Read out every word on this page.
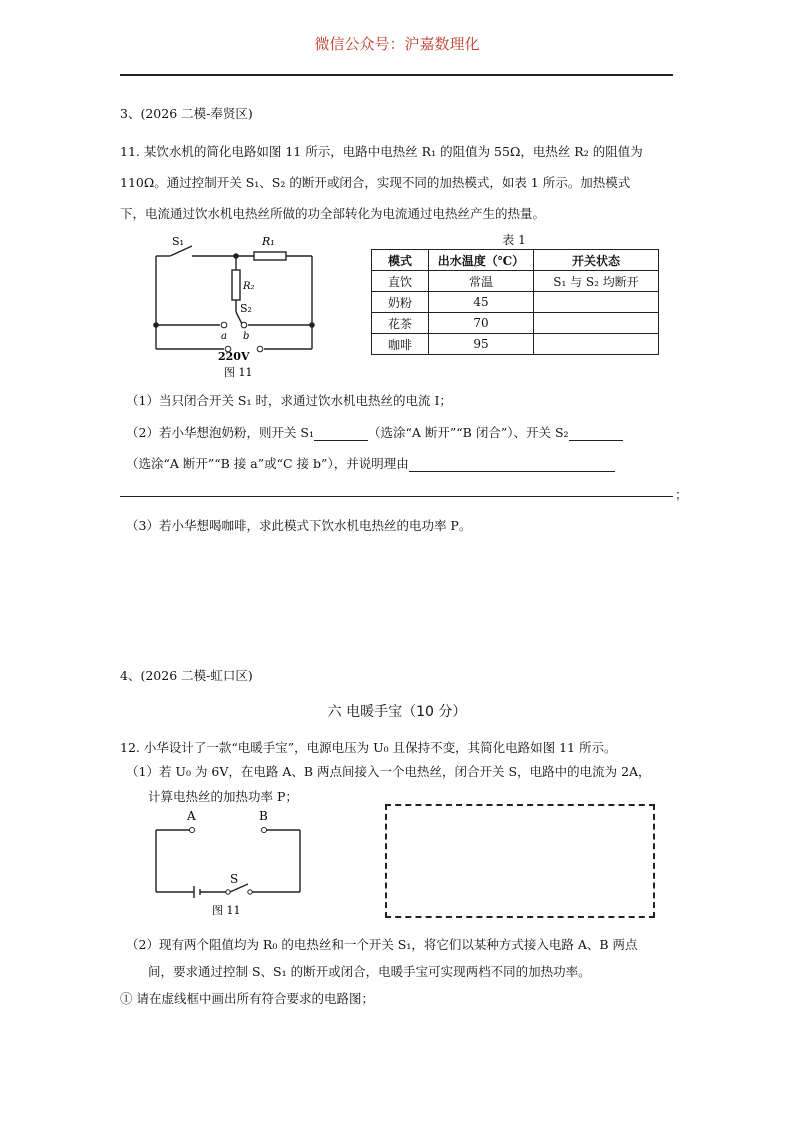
微信公众号：沪嘉数理化
3、(2026 二模-奉贤区)
11. 某饮水机的简化电路如图 11 所示，电路中电热丝 R₁ 的阻值为 55Ω，电热丝 R₂ 的阻值为
110Ω。通过控制开关 S₁、S₂ 的断开或闭合，实现不同的加热模式，如表 1 所示。加热模式
下，电流通过饮水机电热丝所做的功全部转化为电流通过电热丝产生的热量。
S₁	R₁
R₂
S₂
a b
220V
图 11
表 1
模式	出水温度（℃）	开关状态
直饮	常温	S₁ 与 S₂ 均断开
奶粉	45	
花茶	70	
咖啡	95	
（1）当只闭合开关 S₁ 时，求通过饮水机电热丝的电流 I；
（2）若小华想泡奶粉，则开关 S₁	（选涂“A 断开”“B 闭合”）、开关 S₂
（选涂“A 断开”“B 接 a”或“C 接 b”），并说明理由
；
（3）若小华想喝咖啡，求此模式下饮水机电热丝的电功率 P。
4、(2026 二模-虹口区)
六 电暖手宝（10 分）
12. 小华设计了一款“电暖手宝”，电源电压为 U₀ 且保持不变，其简化电路如图 11 所示。
（1）若 U₀ 为 6V，在电路 A、B 两点间接入一个电热丝，闭合开关 S，电路中的电流为 2A，
计算电热丝的加热功率 P；
A	B
S
图 11
（2）现有两个阻值均为 R₀ 的电热丝和一个开关 S₁，将它们以某种方式接入电路 A、B 两点
间，要求通过控制 S、S₁ 的断开或闭合，电暖手宝可实现两档不同的加热功率。
① 请在虚线框中画出所有符合要求的电路图；
